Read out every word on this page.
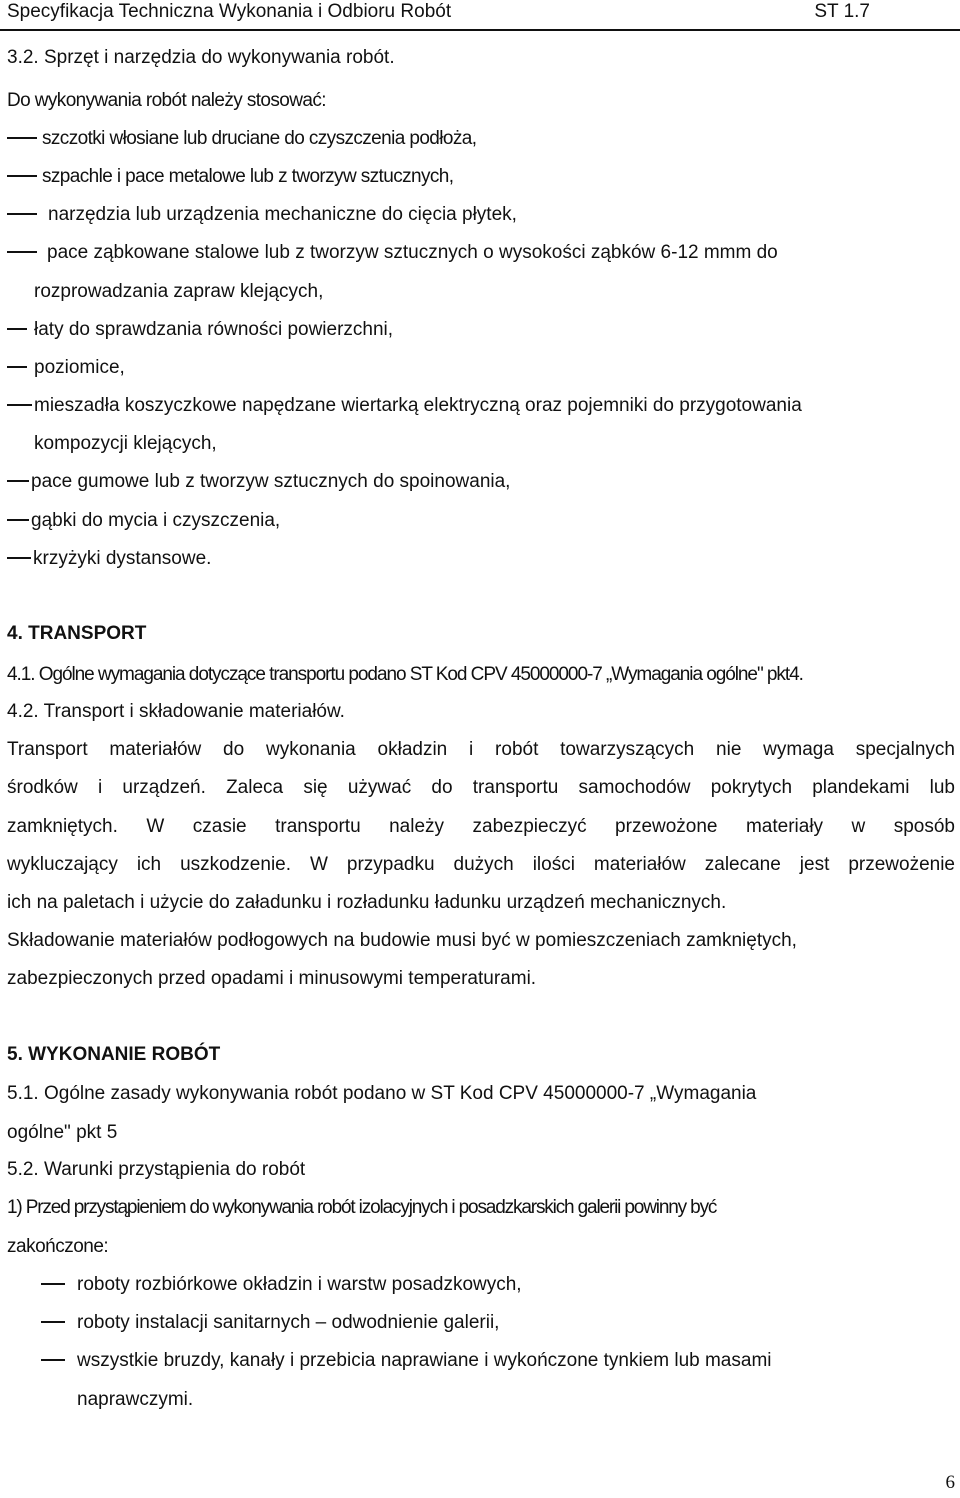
Specyfikacja Techniczna Wykonania i Odbioru Robót	ST 1.7
3.2. Sprzęt i narzędzia do wykonywania robót.
Do wykonywania robót należy stosować:
szczotki włosiane lub druciane do czyszczenia podłoża,
szpachle i pace metalowe lub z tworzyw sztucznych,
narzędzia lub urządzenia mechaniczne do cięcia płytek,
pace ząbkowane stalowe lub z tworzyw sztucznych o wysokości ząbków 6-12 mmm do
rozprowadzania zapraw klejących,
łaty do sprawdzania równości powierzchni,
poziomice,
mieszadła koszyczkowe napędzane wiertarką elektryczną oraz pojemniki do przygotowania
kompozycji klejących,
pace gumowe lub z tworzyw sztucznych do spoinowania,
gąbki do mycia i czyszczenia,
krzyżyki dystansowe.
4. TRANSPORT
4.1. Ogólne wymagania dotyczące transportu podano ST Kod CPV 45000000-7 „Wymagania ogólne" pkt4.
4.2. Transport i składowanie materiałów.
Transport materiałów do wykonania okładzin i robót towarzyszących nie wymaga specjalnych
środków i urządzeń. Zaleca się używać do transportu samochodów pokrytych plandekami lub
zamkniętych. W czasie transportu należy zabezpieczyć przewożone materiały w sposób
wykluczający ich uszkodzenie. W przypadku dużych ilości materiałów zalecane jest przewożenie
ich na paletach i użycie do załadunku i rozładunku ładunku urządzeń mechanicznych.
Składowanie materiałów podłogowych na budowie musi być w pomieszczeniach zamkniętych,
zabezpieczonych przed opadami i minusowymi temperaturami.
5. WYKONANIE ROBÓT
5.1. Ogólne zasady wykonywania robót podano w ST Kod CPV 45000000-7 „Wymagania
ogólne" pkt 5
5.2. Warunki przystąpienia do robót
1) Przed przystąpieniem do wykonywania robót izolacyjnych i posadzkarskich galerii powinny być
zakończone:
roboty rozbiórkowe okładzin i warstw posadzkowych,
roboty instalacji sanitarnych – odwodnienie galerii,
wszystkie bruzdy, kanały i przebicia naprawiane i wykończone tynkiem lub masami
naprawczymi.
6
